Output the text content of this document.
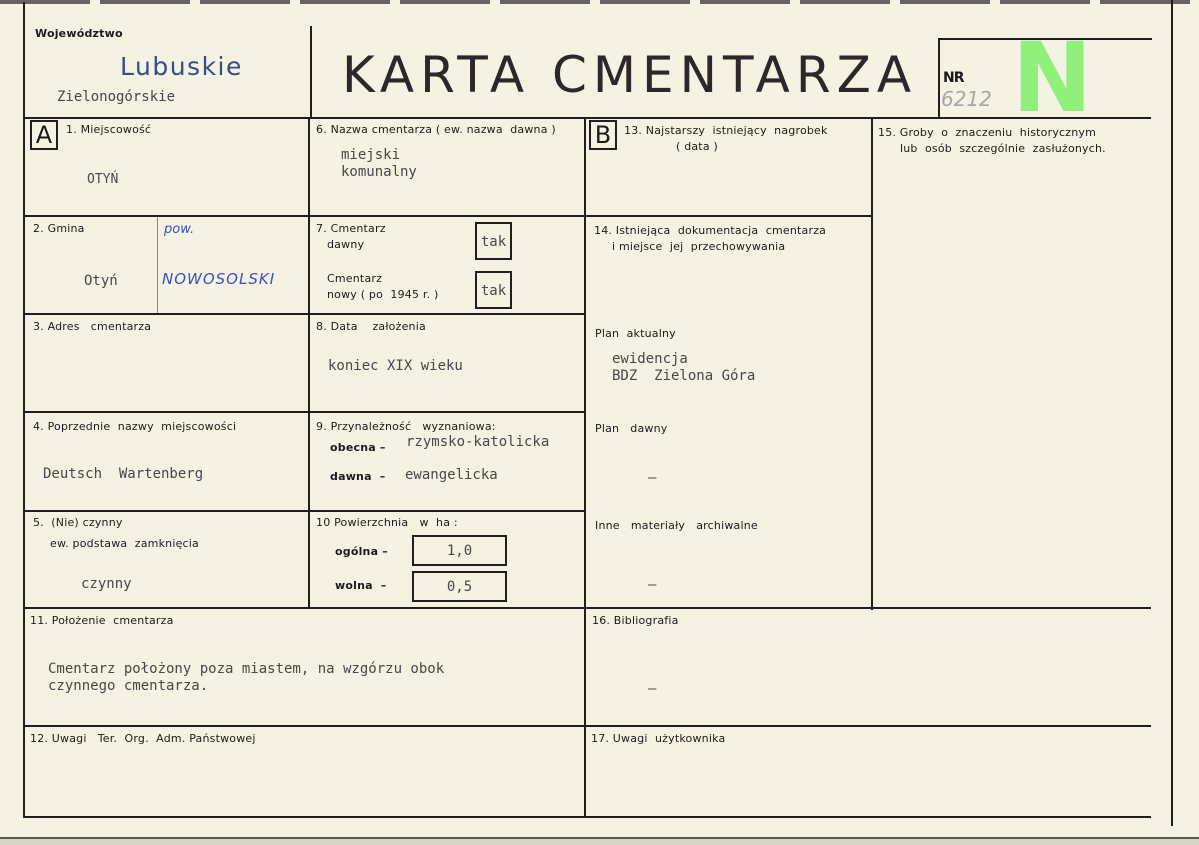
Województwo
Lubuskie
Zielonogórskie	KARTA CMENTARZA NR
6212 N
A	B
1. Miejscowość
OTYŃ
6. Nazwa cmentarza ( ew. nazwa  dawna )
miejski
komunalny
13. Najstarszy  istniejący  nagrobek
( data )
15. Groby  o  znaczeniu  historycznym
lub  osób  szczególnie  zasłużonych.
2. Gmina
Otyń
pow.
NOWOSOLSKI
7. Cmentarz
dawny	tak
Cmentarz
nowy ( po  1945 r. )	tak
14. Istniejąca  dokumentacja  cmentarza
i miejsce  jej  przechowywania
Plan  aktualny
ewidencja
BDZ  Zielona Góra
Plan   dawny
–
Inne   materiały   archiwalne
–
3. Adres   cmentarza	8. Data    założenia
koniec XIX wieku
4. Poprzednie  nazwy  miejscowości
Deutsch  Wartenberg
9. Przynależność   wyznaniowa:
obecna – rzymsko-katolicka
dawna  – ewangelicka
5.  (Nie) czynny
ew. podstawa  zamknięcia
czynny
10 Powierzchnia   w  ha :
ogólna –	1,0
wolna  –	0,5
11. Położenie  cmentarza
Cmentarz położony poza miastem, na wzgórzu obok
czynnego cmentarza.
16. Bibliografia
–
12. Uwagi   Ter.  Org.  Adm. Państwowej	17. Uwagi  użytkownika
